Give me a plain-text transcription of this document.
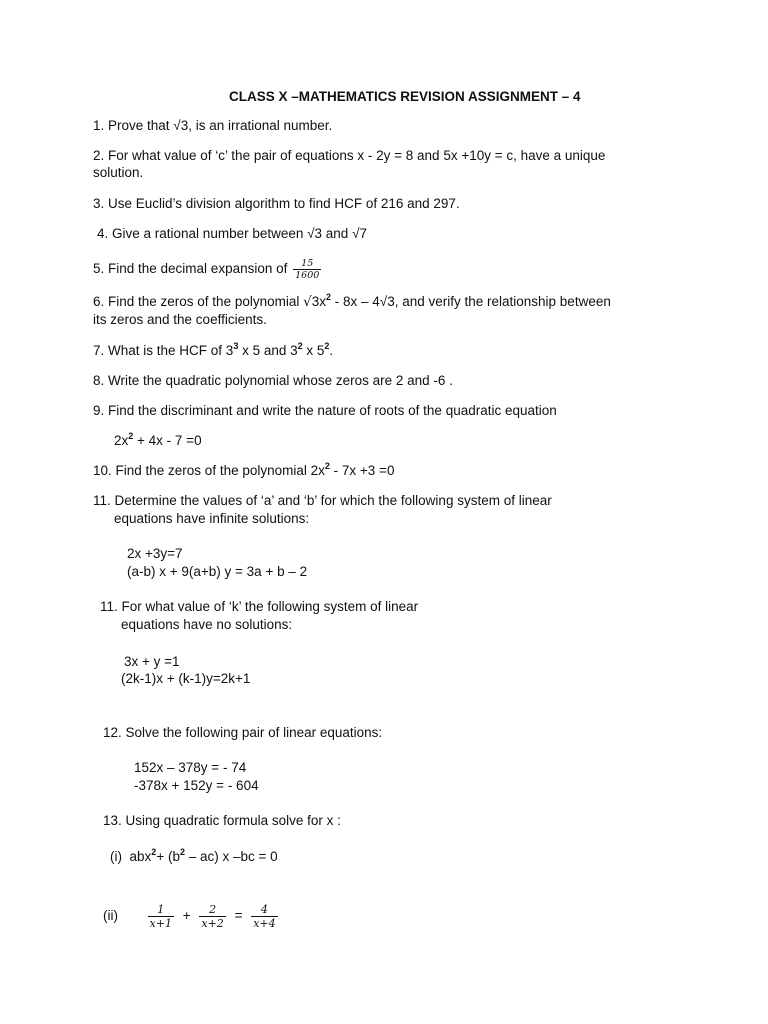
CLASS X –MATHEMATICS REVISION ASSIGNMENT – 4
1. Prove that √3, is an irrational number.
2. For what value of ‘c’ the pair of equations x - 2y = 8 and 5x +10y = c, have a unique
solution.
3. Use Euclid’s division algorithm to find HCF of 216 and 297.
4. Give a rational number between √3 and √7
5. Find the decimal expansion of $\frac{15}{1600}$
6. Find the zeros of the polynomial $√3x^2 - 8x - 4√3$, and verify the relationship between
its zeros and the coefficients.
7. What is the HCF of $3^3$ x 5 and $3^2$ x $5^2$.
8. Write the quadratic polynomial whose zeros are 2 and -6 .
9. Find the discriminant and write the nature of roots of the quadratic equation
$2x^2 + 4x - 7 =0$
10. Find the zeros of the polynomial $2x^2 - 7x +3 =0$
11. Determine the values of ‘a’ and ‘b’ for which the following system of linear
equations have infinite solutions:
2x +3y=7
(a-b) x + 9(a+b) y = 3a + b – 2
11. For what value of ‘k’ the following system of linear
equations have no solutions:
3x + y =1
(2k-1)x + (k-1)y=2k+1
12. Solve the following pair of linear equations:
152x – 378y = - 74
-378x + 152y = - 604
13. Using quadratic formula solve for x :
(i) $abx^2+ (b^2 - ac)$ x –bc = 0
(ii)	$\frac{1}{x+1} + \frac{2}{x+2} = \frac{4}{x+4}$
